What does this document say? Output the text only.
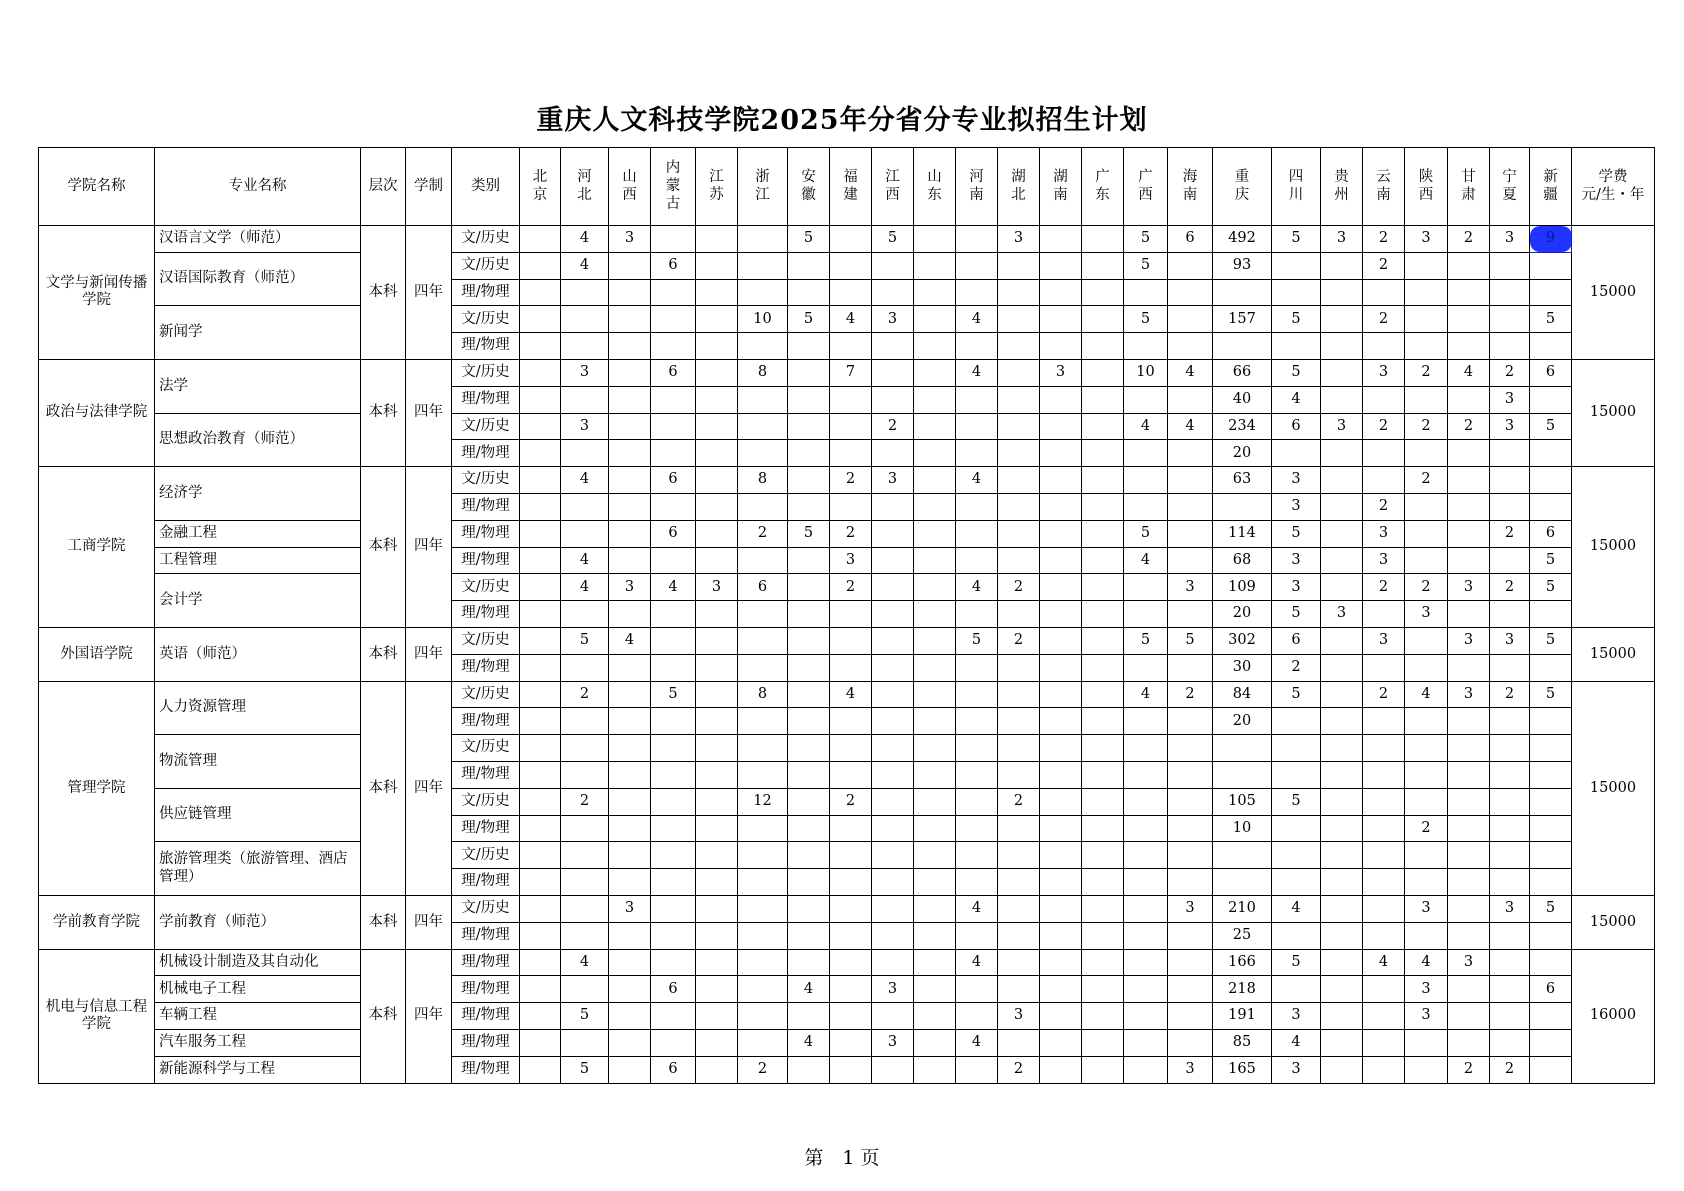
重庆人文科技学院2025年分省分专业拟招生计划
学院名称	专业名称	层次	学制	类别	北京	河北	山西	内蒙古	江苏	浙江	安徽	福建	江西	山东	河南	湖北	湖南	广东	广西	海南	重庆	四川	贵州	云南	陕西	甘肃	宁夏	新疆	学费
元/生・年

文学与新闻传播学院	汉语言文学（师范）	本科	四年	文/历史		4	3				5		5			3			5	6	492	5	3	2	3	2	3	9	15000
	汉语国际教育（师范）			文/历史		4		6											5		93			2					
				理/物理																									
	新闻学			文/历史						10	5	4	3		4				5		157	5		2				5	
				理/物理																									
政治与法律学院	法学	本科	四年	文/历史		3		6		8		7			4		3		10	4	66	5		3	2	4	2	6	15000
				理/物理																	40	4					3		
	思想政治教育（师范）			文/历史		3							2						4	4	234	6	3	2	2	2	3	5	
				理/物理																	20								
工商学院	经济学	本科	四年	文/历史		4		6		8		2	3		4						63	3			2				15000
				理/物理																		3		2					
	金融工程			理/物理				6		2	5	2							5		114	5		3			2	6	
	工程管理			理/物理		4						3							4		68	3		3				5	
	会计学			文/历史		4	3	4	3	6		2			4	2				3	109	3		2	2	3	2	5	
				理/物理																	20	5	3		3				
外国语学院	英语（师范）	本科	四年	文/历史		5	4								5	2			5	5	302	6		3		3	3	5	15000
				理/物理																	30	2							
管理学院	人力资源管理	本科	四年	文/历史		2		5		8		4							4	2	84	5		2	4	3	2	5	15000
				理/物理																	20								
	物流管理			文/历史																									
				理/物理																									
	供应链管理			文/历史		2				12		2				2					105	5							
				理/物理																	10				2				
	旅游管理类（旅游管理、酒店管理）			文/历史																									
				理/物理																									
学前教育学院	学前教育（师范）	本科	四年	文/历史			3								4					3	210	4			3		3	5	15000
				理/物理																	25								
机电与信息工程学院	机械设计制造及其自动化	本科	四年	理/物理		4									4						166	5		4	4	3			16000
	机械电子工程			理/物理				6			4		3								218				3			6	
	车辆工程			理/物理		5										3					191	3			3				
	汽车服务工程			理/物理							4		3		4						85	4							
	新能源科学与工程			理/物理		5		6		2						2				3	165	3				2	2		

第　1 页
